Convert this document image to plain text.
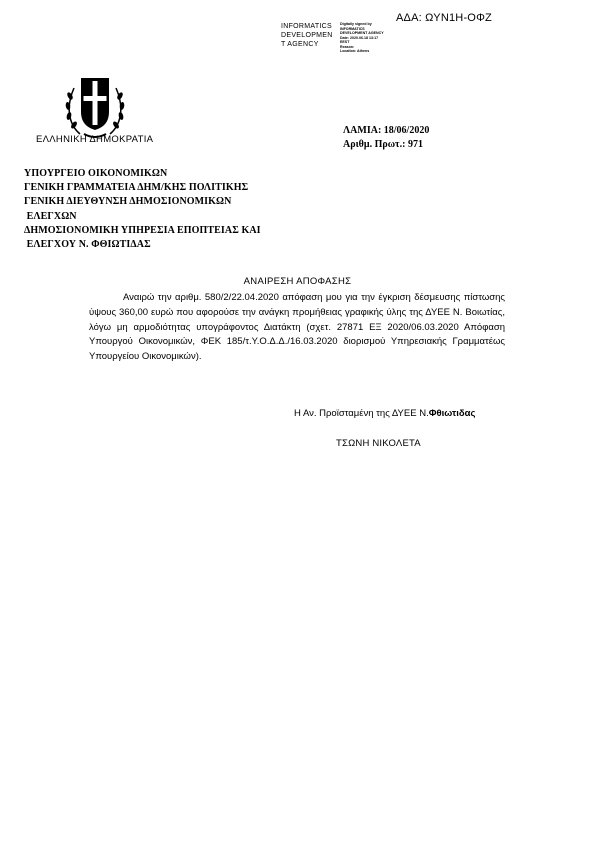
ΑΔΑ: ΩΥΝ1Η-ΟΦΖ
INFORMATICS
DEVELOPMEN
T AGENCY
Digitally signed by
INFORMATICS
DEVELOPMENT AGENCY
Date: 2020.06.18 13:17
EEST
Reason:
Location: Athens
ΕΛΛΗΝΙΚΗ ΔΗΜΟΚΡΑΤΙΑ
ΛΑΜΙΑ: 18/06/2020
Αριθμ. Πρωτ.: 971
ΥΠΟΥΡΓΕΙΟ ΟΙΚΟΝΟΜΙΚΩΝ
ΓΕΝΙΚΗ ΓΡΑΜΜΑΤΕΙΑ ΔΗΜ/ΚΗΣ ΠΟΛΙΤΙΚΗΣ
ΓΕΝΙΚΗ ΔΙΕΥΘΥΝΣΗ ΔΗΜΟΣΙΟΝΟΜΙΚΩΝ
ΕΛΕΓΧΩΝ
ΔΗΜΟΣΙΟΝΟΜΙΚΗ ΥΠΗΡΕΣΙΑ ΕΠΟΠΤΕΙΑΣ ΚΑΙ
ΕΛΕΓΧΟΥ Ν. ΦΘΙΩΤΙΔΑΣ
ΑΝΑΙΡΕΣΗ ΑΠΟΦΑΣΗΣ

Αναιρώ την αριθμ. 580/2/22.04.2020 απόφαση μου για την έγκριση δέσμευσης πίστωσης ύψους 360,00 ευρώ που αφορούσε την ανάγκη προμήθειας γραφικής ύλης της ΔΥΕΕ Ν. Βοιωτίας, λόγω μη αρμοδιότητας υπογράφοντος Διατάκτη (σχετ. 27871 ΕΞ 2020/06.03.2020 Απόφαση Υπουργού Οικονομικών, ΦΕΚ 185/τ.Υ.Ο.Δ.Δ./16.03.2020 διορισμού Υπηρεσιακής Γραμματέως Υπουργείου Οικονομικών).

Η Αν. Προϊσταμένη της ΔΥΕΕ Ν.Φθιωτιδας
ΤΣΩΝΗ ΝΙΚΟΛΕΤΑ
